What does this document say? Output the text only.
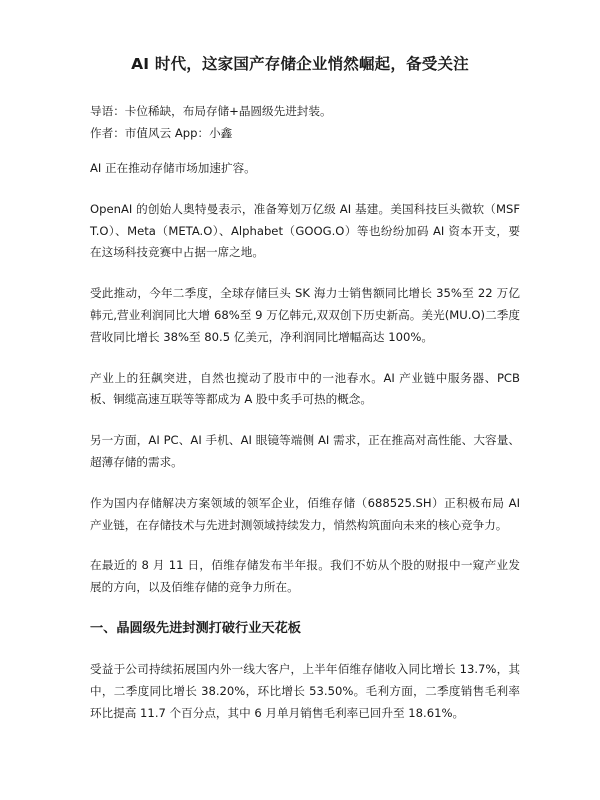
AI 时代，这家国产存储企业悄然崛起，备受关注

导语：卡位稀缺，布局存储+晶圆级先进封装。

作者：市值风云 App：小鑫

AI 正在推动存储市场加速扩容。

OpenAI 的创始人奥特曼表示，准备筹划万亿级 AI 基建。美国科技巨头微软（MSFT.O）、Meta（META.O）、Alphabet（GOOG.O）等也纷纷加码 AI 资本开支，要在这场科技竞赛中占据一席之地。

受此推动，今年二季度，全球存储巨头 SK 海力士销售额同比增长 35%至 22 万亿韩元,营业利润同比大增 68%至 9 万亿韩元,双双创下历史新高。美光(MU.O)二季度营收同比增长 38%至 80.5 亿美元，净利润同比增幅高达 100%。

产业上的狂飙突进，自然也搅动了股市中的一池春水。AI 产业链中服务器、PCB 板、铜缆高速互联等等都成为 A 股中炙手可热的概念。

另一方面，AI PC、AI 手机、AI 眼镜等端侧 AI 需求，正在推高对高性能、大容量、超薄存储的需求。

作为国内存储解决方案领域的领军企业，佰维存储（688525.SH）正积极布局 AI 产业链，在存储技术与先进封测领域持续发力，悄然构筑面向未来的核心竞争力。

在最近的 8 月 11 日，佰维存储发布半年报。我们不妨从个股的财报中一窥产业发展的方向，以及佰维存储的竞争力所在。

一、晶圆级先进封测打破行业天花板

受益于公司持续拓展国内外一线大客户，上半年佰维存储收入同比增长 13.7%，其中，二季度同比增长 38.20%，环比增长 53.50%。毛利方面，二季度销售毛利率环比提高 11.7 个百分点，其中 6 月单月销售毛利率已回升至 18.61%。
